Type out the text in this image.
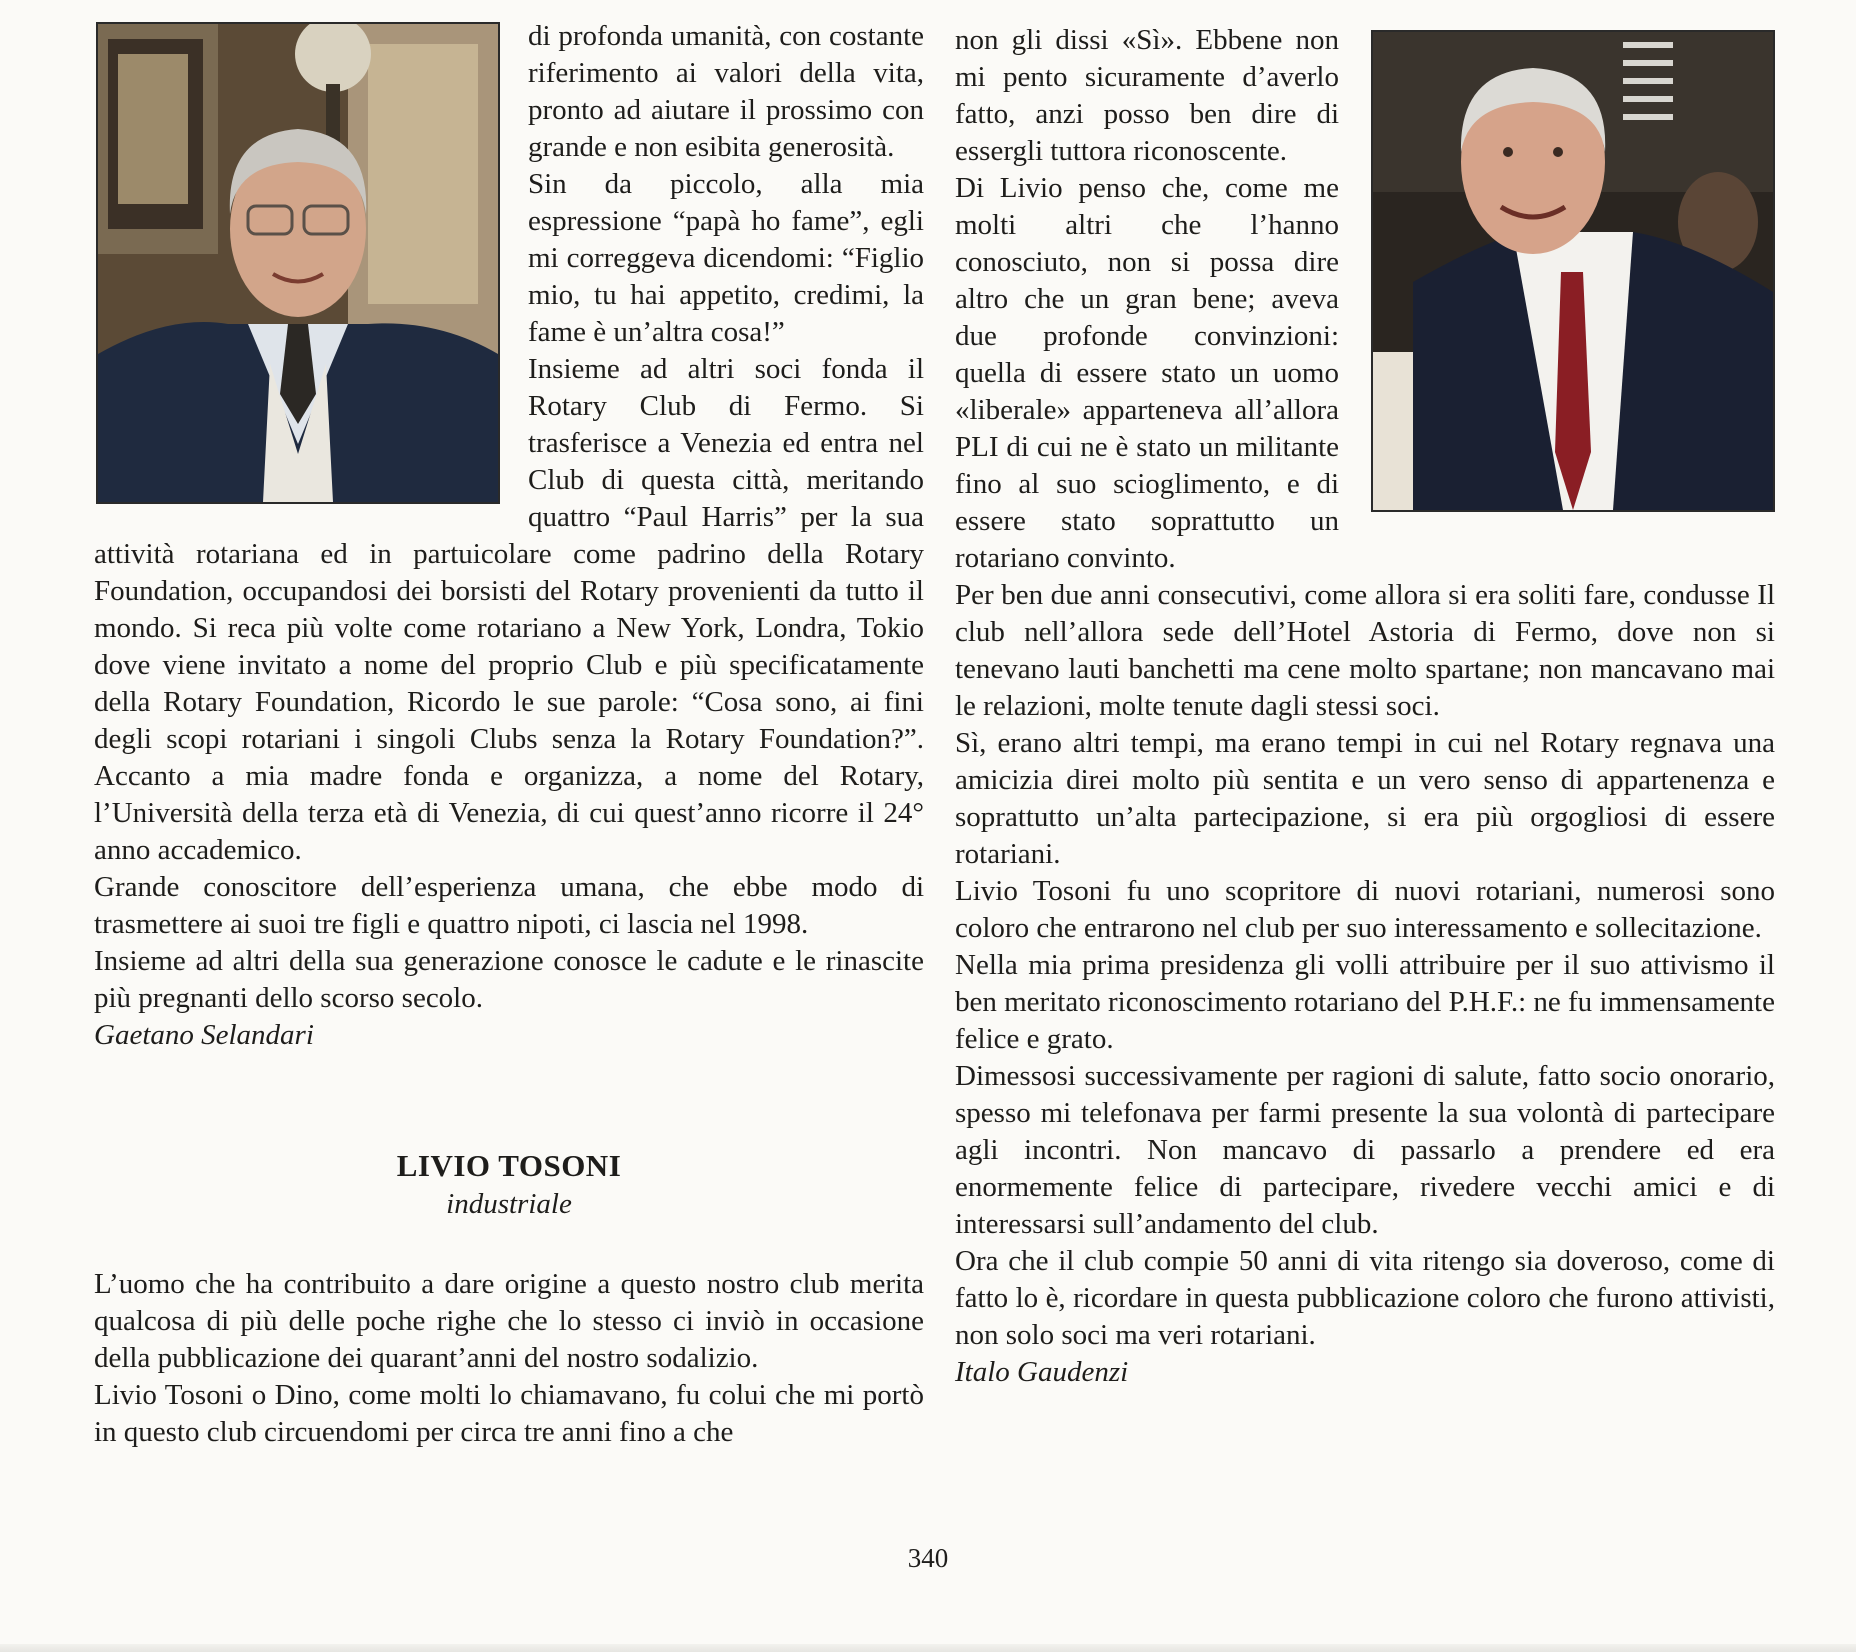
di profonda umanità, con costante riferimento ai valori della vita, pronto ad aiutare il prossimo con grande e non esibita generosità.

Sin da piccolo, alla mia espressione “papà ho fame”, egli mi correggeva dicendomi: “Figlio mio, tu hai appetito, credimi, la fame è un’altra cosa!”

Insieme ad altri soci fonda il Rotary Club di Fermo. Si trasferisce a Venezia ed entra nel Club di questa città, meritando quattro “Paul Harris” per la sua attività rotariana ed in partuicolare come padrino della Rotary Foundation, occupandosi dei borsisti del Rotary provenienti da tutto il mondo. Si reca più volte come rotariano a New York, Londra, Tokio dove viene invitato a nome del proprio Club e più specificatamente della Rotary Foundation, Ricordo le sue parole: “Cosa sono, ai fini degli scopi rotariani i singoli Clubs senza la Rotary Foundation?”. Accanto a mia madre fonda e organizza, a nome del Rotary, l’Università della terza età di Venezia, di cui quest’anno ricorre il 24° anno accademico.

Grande conoscitore dell’esperienza umana, che ebbe modo di trasmettere ai suoi tre figli e quattro nipoti, ci lascia nel 1998.

Insieme ad altri della sua generazione conosce le cadute e le rinascite più pregnanti dello scorso secolo.

Gaetano Selandari

LIVIO TOSONI
industriale

L’uomo che ha contribuito a dare origine a questo nostro club merita qualcosa di più delle poche righe che lo stesso ci inviò in occasione della pubblicazione dei quarant’anni del nostro sodalizio.

Livio Tosoni o Dino, come molti lo chiamavano, fu colui che mi portò in questo club circuendomi per circa tre anni fino a che

non gli dissi «Sì». Ebbene non mi pento sicuramente d’averlo fatto, anzi posso ben dire di essergli tuttora riconoscente.

Di Livio penso che, come me molti altri che l’hanno conosciuto, non si possa dire altro che un gran bene; aveva due profonde convinzioni: quella di essere stato un uomo «liberale» apparteneva all’allora PLI di cui ne è stato un militante fino al suo scioglimento, e di essere stato soprattutto un rotariano convinto.

Per ben due anni consecutivi, come allora si era soliti fare, condusse Il club nell’allora sede dell’Hotel Astoria di Fermo, dove non si tenevano lauti banchetti ma cene molto spartane; non mancavano mai le relazioni, molte tenute dagli stessi soci.

Sì, erano altri tempi, ma erano tempi in cui nel Rotary regnava una amicizia direi molto più sentita e un vero senso di appartenenza e soprattutto un’alta partecipazione, si era più orgogliosi di essere rotariani.

Livio Tosoni fu uno scopritore di nuovi rotariani, numerosi sono coloro che entrarono nel club per suo interessamento e sollecitazione.

Nella mia prima presidenza gli volli attribuire per il suo attivismo il ben meritato riconoscimento rotariano del P.H.F.: ne fu immensamente felice e grato.

Dimessosi successivamente per ragioni di salute, fatto socio onorario, spesso mi telefonava per farmi presente la sua volontà di partecipare agli incontri. Non mancavo di passarlo a prendere ed era enormemente felice di partecipare, rivedere vecchi amici e di interessarsi sull’andamento del club.

Ora che il club compie 50 anni di vita ritengo sia doveroso, come di fatto lo è, ricordare in questa pubblicazione coloro che furono attivisti, non solo soci ma veri rotariani.

Italo Gaudenzi

340
